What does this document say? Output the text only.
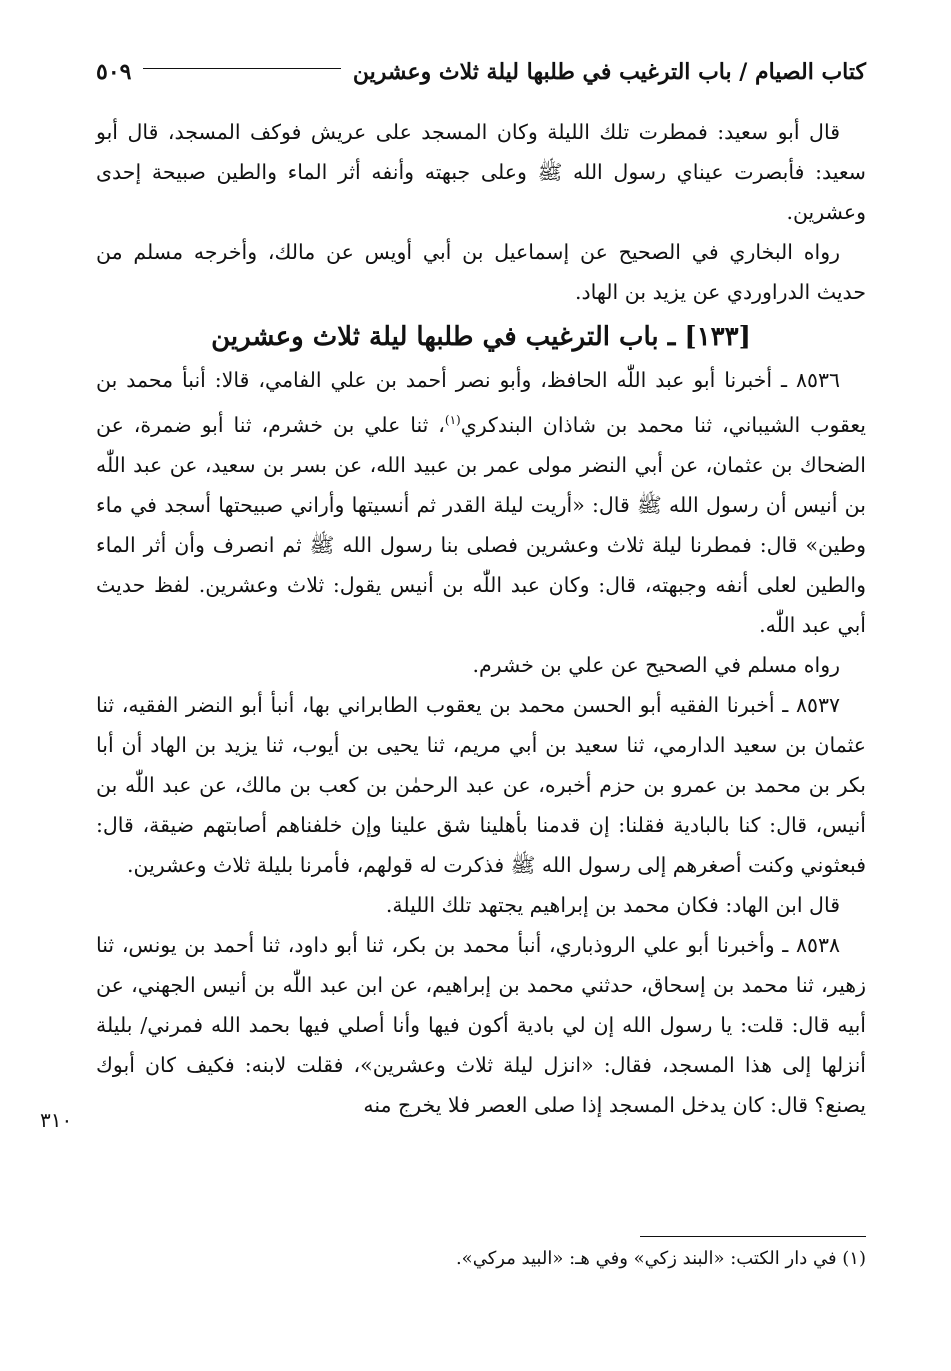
كتاب الصيام / باب الترغيب في طلبها ليلة ثلاث وعشرين
٥٠٩

قال أبو سعيد: فمطرت تلك الليلة وكان المسجد على عريش فوكف المسجد، قال أبو سعيد: فأبصرت عيناي رسول الله ﷺ وعلى جبهته وأنفه أثر الماء والطين صبيحة إحدى وعشرين.

رواه البخاري في الصحيح عن إسماعيل بن أبي أويس عن مالك، وأخرجه مسلم من حديث الدراوردي عن يزيد بن الهاد.

[١٣٣] ـ باب الترغيب في طلبها ليلة ثلاث وعشرين

٨٥٣٦ ـ أخبرنا أبو عبد اللّٰه الحافظ، وأبو نصر أحمد بن علي الفامي، قالا: أنبأ محمد بن يعقوب الشيباني، ثنا محمد بن شاذان البندكري$^{(١)}$، ثنا علي بن خشرم، ثنا أبو ضمرة، عن الضحاك بن عثمان، عن أبي النضر مولى عمر بن عبيد الله، عن بسر بن سعيد، عن عبد اللّٰه بن أنيس أن رسول الله ﷺ قال: «أريت ليلة القدر ثم أنسيتها وأراني صبيحتها أسجد في ماء وطين» قال: فمطرنا ليلة ثلاث وعشرين فصلى بنا رسول الله ﷺ ثم انصرف وأن أثر الماء والطين لعلى أنفه وجبهته، قال: وكان عبد اللّٰه بن أنيس يقول: ثلاث وعشرين. لفظ حديث أبي عبد اللّٰه.

رواه مسلم في الصحيح عن علي بن خشرم.

٨٥٣٧ ـ أخبرنا الفقيه أبو الحسن محمد بن يعقوب الطابراني بها، أنبأ أبو النضر الفقيه، ثنا عثمان بن سعيد الدارمي، ثنا سعيد بن أبي مريم، ثنا يحيى بن أيوب، ثنا يزيد بن الهاد أن أبا بكر بن محمد بن عمرو بن حزم أخبره، عن عبد الرحمٰن بن كعب بن مالك، عن عبد اللّٰه بن أنيس، قال: كنا بالبادية فقلنا: إن قدمنا بأهلينا شق علينا وإن خلفناهم أصابتهم ضيقة، قال: فبعثوني وكنت أصغرهم إلى رسول الله ﷺ فذكرت له قولهم، فأمرنا بليلة ثلاث وعشرين.

قال ابن الهاد: فكان محمد بن إبراهيم يجتهد تلك الليلة.

٨٥٣٨ ـ وأخبرنا أبو علي الروذباري، أنبأ محمد بن بكر، ثنا أبو داود، ثنا أحمد بن يونس، ثنا زهير، ثنا محمد بن إسحاق، حدثني محمد بن إبراهيم، عن ابن عبد اللّٰه بن أنيس الجهني، عن أبيه قال: قلت: يا رسول الله إن لي بادية أكون فيها وأنا أصلي فيها بحمد الله فمرني/ بليلة أنزلها إلى هذا المسجد، فقال: «انزل ليلة ثلاث وعشرين»، فقلت لابنه: فكيف كان أبوك يصنع؟ قال: كان يدخل المسجد إذا صلى العصر فلا يخرج منه

٣١٠
(١) في دار الكتب: «البند زكي» وفي هـ: «البيد مركي».
